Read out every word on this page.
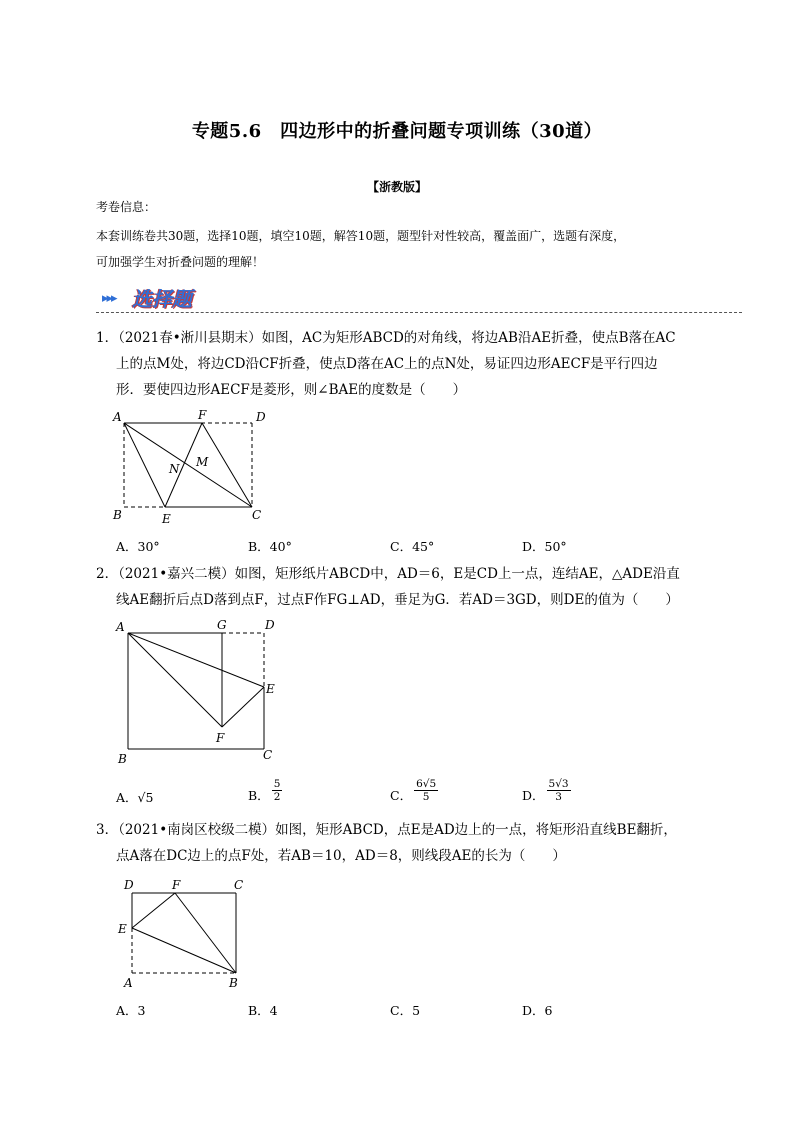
专题5.6　四边形中的折叠问题专项训练（30道）
【浙教版】
考卷信息：
本套训练卷共30题，选择10题，填空10题，解答10题，题型针对性较高，覆盖面广，选题有深度，
可加强学生对折叠问题的理解！
▸▸▸ 选择题
1．（2021春•淅川县期末）如图，AC为矩形ABCD的对角线，将边AB沿AE折叠，使点B落在AC
上的点M处，将边CD沿CF折叠，使点D落在AC上的点N处，易证四边形AECF是平行四边
形．要使四边形AECF是菱形，则∠BAE的度数是（　　）
A	F	D
N M
B	E	C
A．30°	B．40°	C．45°	D．50°
2．（2021•嘉兴二模）如图，矩形纸片ABCD中，AD＝6，E是CD上一点，连结AE，△ADE沿直
线AE翻折后点D落到点F，过点F作FG⊥AD，垂足为G．若AD＝3GD，则DE的值为（　　）
A	G	D
E
F
B	C
A．√5	B． $\frac{5}{2}$	C． $\frac{6√5}{5}$	D． $\frac{5√3}{3}$
3．（2021•南岗区校级二模）如图，矩形ABCD，点E是AD边上的一点，将矩形沿直线BE翻折，
点A落在DC边上的点F处，若AB＝10，AD＝8，则线段AE的长为（　　）
D	F	C
E
A	B
A．3	B．4	C．5	D．6
